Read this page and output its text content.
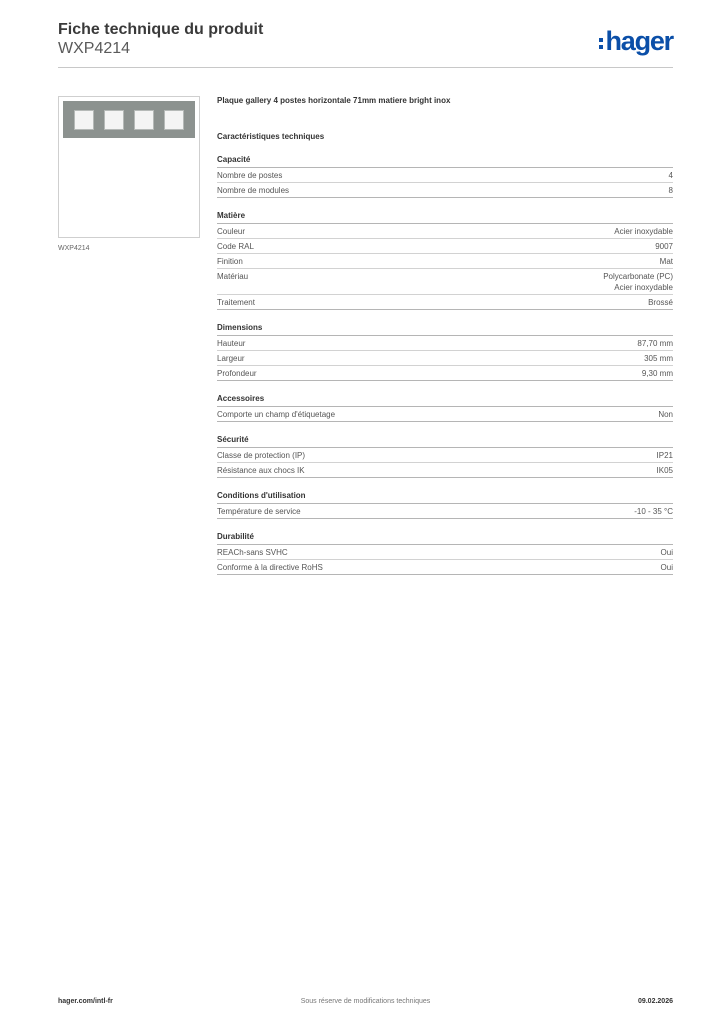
Fiche technique du produit
WXP4214	hager
WXP4214
Plaque gallery 4 postes horizontale 71mm matiere bright inox
Caractéristiques techniques
Capacité
Nombre de postes	4
Nombre de modules	8
Matière
Couleur	Acier inoxydable
Code RAL	9007
Finition	Mat
Matériau	Polycarbonate (PC)
Acier inoxydable
Traitement	Brossé
Dimensions
Hauteur	87,70 mm
Largeur	305 mm
Profondeur	9,30 mm
Accessoires
Comporte un champ d'étiquetage	Non
Sécurité
Classe de protection (IP)	IP21
Résistance aux chocs IK	IK05
Conditions d'utilisation
Température de service	-10 - 35 °C
Durabilité
REACh-sans SVHC	Oui
Conforme à la directive RoHS	Oui
hager.com/intl-fr	Sous réserve de modifications techniques	09.02.2026
